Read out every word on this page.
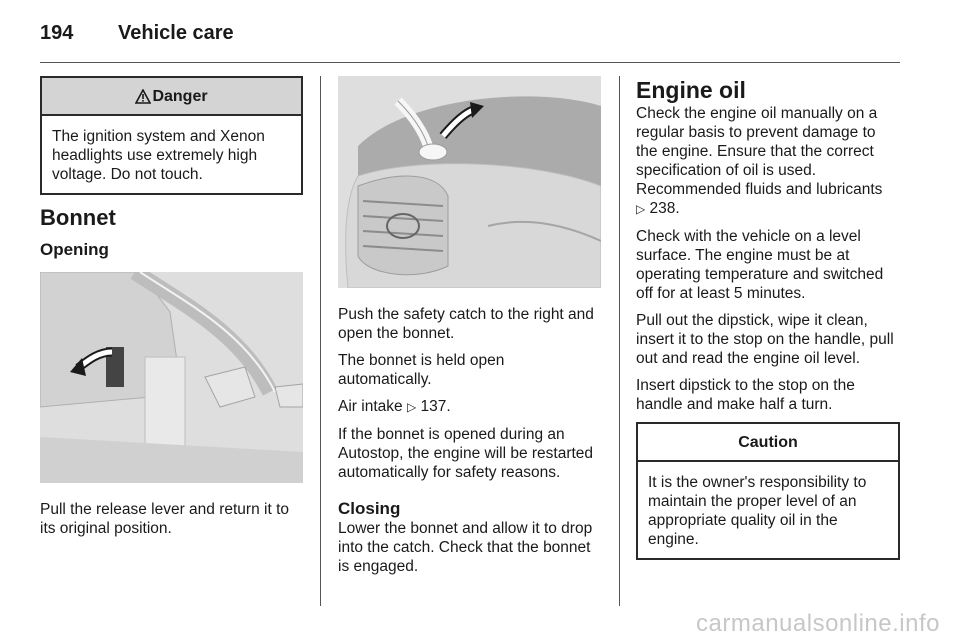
194 Vehicle care
Danger
The ignition system and Xenon headlights use extremely high voltage. Do not touch.
Bonnet
Opening

Pull the release lever and return it to its original position.

Push the safety catch to the right and open the bonnet.

The bonnet is held open automatically.

Air intake ▷ 137.

If the bonnet is opened during an Autostop, the engine will be restarted automatically for safety reasons.

Closing

Lower the bonnet and allow it to drop into the catch. Check that the bonnet is engaged.

Engine oil

Check the engine oil manually on a regular basis to prevent damage to the engine. Ensure that the correct specification of oil is used. Recommended fluids and lubricants
▷ 238.

Check with the vehicle on a level surface. The engine must be at operating temperature and switched off for at least 5 minutes.

Pull out the dipstick, wipe it clean, insert it to the stop on the handle, pull out and read the engine oil level.

Insert dipstick to the stop on the handle and make half a turn.

Caution
It is the owner's responsibility to maintain the proper level of an appropriate quality oil in the engine.
carmanualsonline.info
